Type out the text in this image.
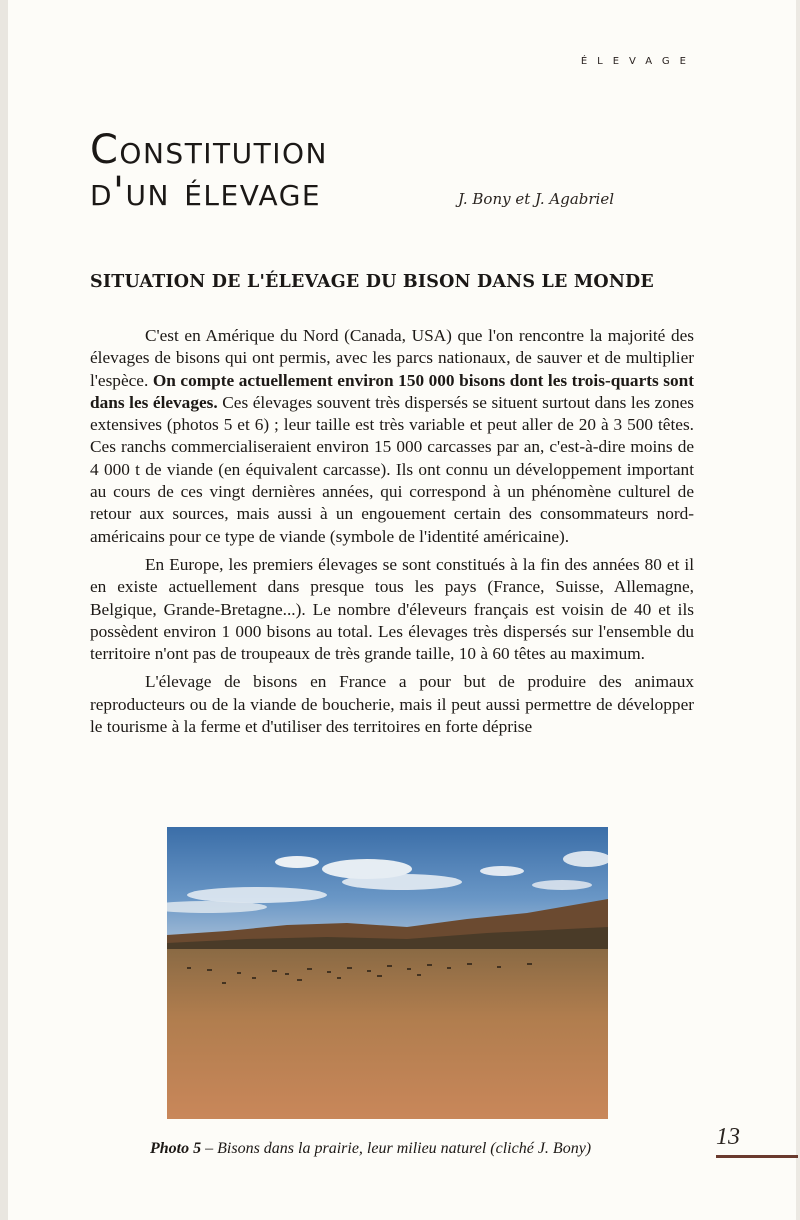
ÉLEVAGE
Constitution
d'un élevage	J. Bony et J. Agabriel
SITUATION DE L'ÉLEVAGE DU BISON DANS LE MONDE

C'est en Amérique du Nord (Canada, USA) que l'on rencontre la majorité des élevages de bisons qui ont permis, avec les parcs nationaux, de sauver et de multiplier l'espèce. On compte actuellement environ 150 000 bisons dont les trois-quarts sont dans les élevages. Ces élevages souvent très dispersés se situent surtout dans les zones extensives (photos 5 et 6) ; leur taille est très variable et peut aller de 20 à 3 500 têtes. Ces ranchs commercialiseraient environ 15 000 carcasses par an, c'est-à-dire moins de 4 000 t de viande (en équivalent carcasse). Ils ont connu un développement important au cours de ces vingt dernières années, qui correspond à un phénomène culturel de retour aux sources, mais aussi à un engouement certain des consommateurs nord-américains pour ce type de viande (symbole de l'identité américaine).

En Europe, les premiers élevages se sont constitués à la fin des années 80 et il en existe actuellement dans presque tous les pays (France, Suisse, Allemagne, Belgique, Grande-Bretagne...). Le nombre d'éleveurs français est voisin de 40 et ils possèdent environ 1 000 bisons au total. Les élevages très dispersés sur l'ensemble du territoire n'ont pas de troupeaux de très grande taille, 10 à 60 têtes au maximum.

L'élevage de bisons en France a pour but de produire des animaux reproducteurs ou de la viande de boucherie, mais il peut aussi permettre de développer le tourisme à la ferme et d'utiliser des territoires en forte déprise

Photo 5 – Bisons dans la prairie, leur milieu naturel (cliché J. Bony)	13
